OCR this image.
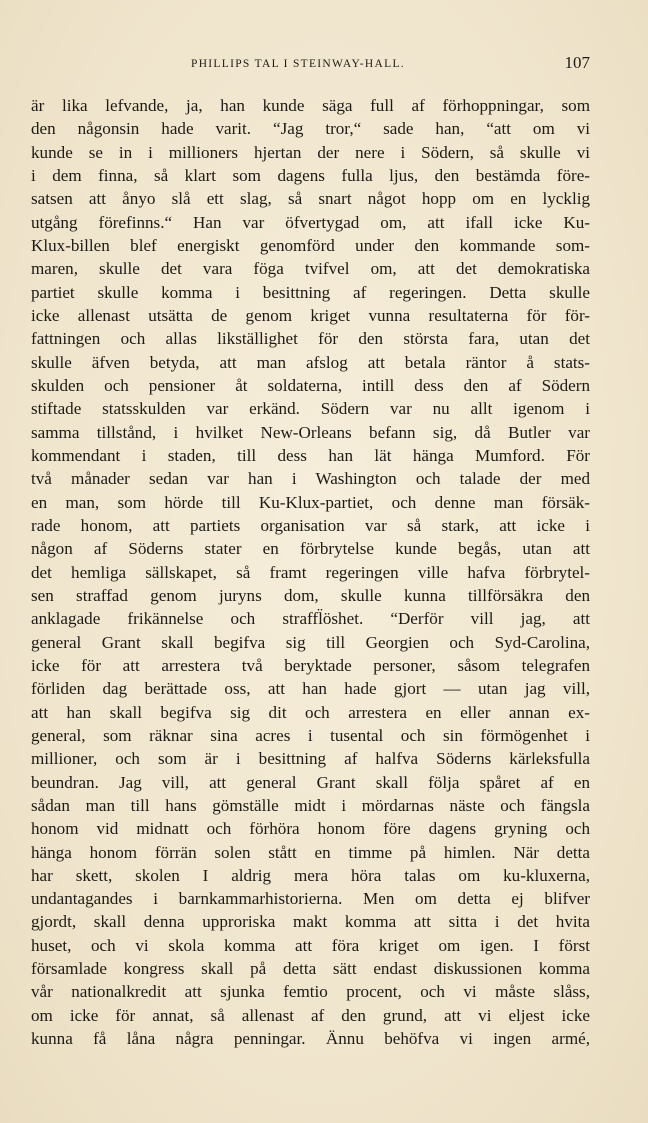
PHILLIPS TAL I STEINWAY-HALL.	107
är lika lefvande, ja, han kunde säga full af förhoppningar, som
den någonsin hade varit. “Jag tror,“ sade han, “att om vi
kunde se in i millioners hjertan der nere i Södern, så skulle vi
i dem finna, så klart som dagens fulla ljus, den bestämda före-
satsen att ånyo slå ett slag, så snart något hopp om en lycklig
utgång förefinns.“ Han var öfvertygad om, att ifall icke Ku-
Klux-billen blef energiskt genomförd under den kommande som-
maren, skulle det vara föga tvifvel om, att det demokratiska
partiet skulle komma i besittning af regeringen. Detta skulle
icke allenast utsätta de genom kriget vunna resultaterna för för-
fattningen och allas likställighet för den största fara, utan det
skulle äfven betyda, att man afslog att betala räntor å stats-
skulden och pensioner åt soldaterna, intill dess den af Södern
stiftade statsskulden var erkänd. Södern var nu allt igenom i
samma tillstånd, i hvilket New-Orleans befann sig, då Butler var
kommendant i staden, till dess han lät hänga Mumford. För
två månader sedan var han i Washington och talade der med
en man, som hörde till Ku-Klux-partiet, och denne man försäk-
rade honom, att partiets organisation var så stark, att icke i
någon af Söderns stater en förbrytelse kunde begås, utan att
det hemliga sällskapet, så framt regeringen ville hafva förbrytel-
sen straffad genom juryns dom, skulle kunna tillförsäkra den
anklagade frikännelse och straffl̈öshet. “Derför vill jag, att
general Grant skall begifva sig till Georgien och Syd-Carolina,
icke för att arrestera två beryktade personer, såsom telegrafen
förliden dag berättade oss, att han hade gjort — utan jag vill,
att han skall begifva sig dit och arrestera en eller annan ex-
general, som räknar sina acres i tusental och sin förmögenhet i
millioner, och som är i besittning af halfva Söderns kärleksfulla
beundran. Jag vill, att general Grant skall följa spåret af en
sådan man till hans gömställe midt i mördarnas näste och fängsla
honom vid midnatt och förhöra honom före dagens gryning och
hänga honom förrän solen stått en timme på himlen. När detta
har skett, skolen I aldrig mera höra talas om ku-kluxerna,
undantagandes i barnkammarhistorierna. Men om detta ej blifver
gjordt, skall denna upproriska makt komma att sitta i det hvita
huset, och vi skola komma att föra kriget om igen. I först
församlade kongress skall på detta sätt endast diskussionen komma
vår nationalkredit att sjunka femtio procent, och vi måste slåss,
om icke för annat, så allenast af den grund, att vi eljest icke
kunna få låna några penningar. Ännu behöfva vi ingen armé,
